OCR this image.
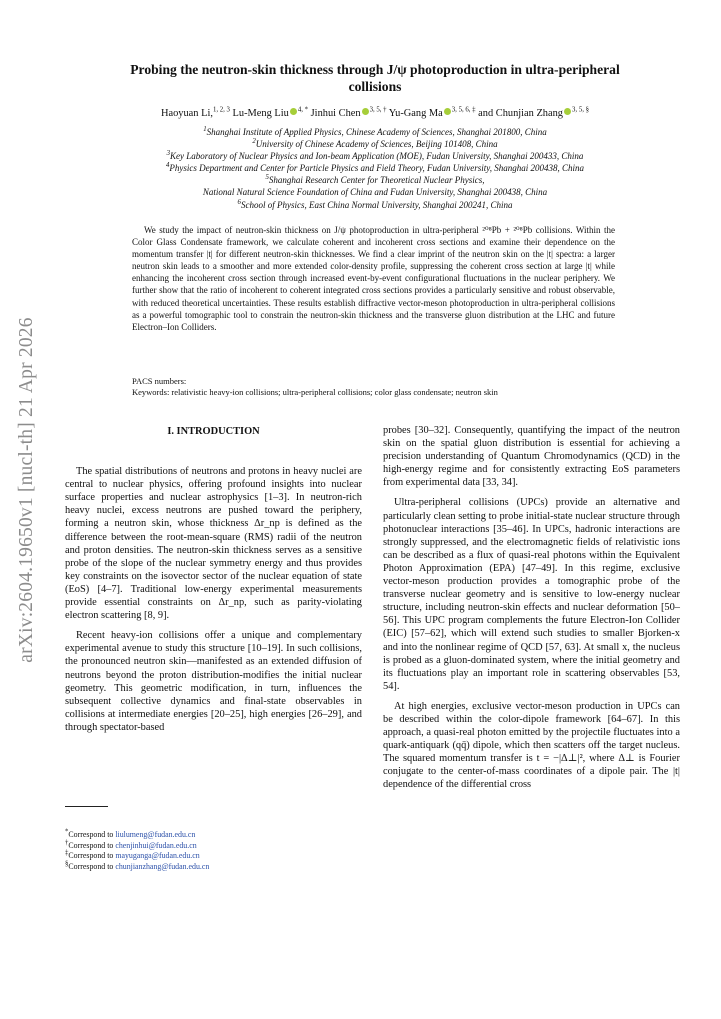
arXiv:2604.19650v1 [nucl-th] 21 Apr 2026
Probing the neutron-skin thickness through J/ψ photoproduction in ultra-peripheral
collisions
Haoyuan Li,$^{1, 2, 3}$ Lu-Meng Liu $^{4, *}$ Jinhui Chen $^{3, 5, \dagger}$ Yu-Gang Ma $^{3, 5, 6, \ddagger}$ and Chunjian Zhang $^{3, 5, \S}$
$^1$Shanghai Institute of Applied Physics, Chinese Academy of Sciences, Shanghai 201800, China
$^2$University of Chinese Academy of Sciences, Beijing 101408, China
$^3$Key Laboratory of Nuclear Physics and Ion-beam Application (MOE), Fudan University, Shanghai 200433, China
$^4$Physics Department and Center for Particle Physics and Field Theory, Fudan University, Shanghai 200438, China
$^5$Shanghai Research Center for Theoretical Nuclear Physics,
National Natural Science Foundation of China and Fudan University, Shanghai 200438, China
$^6$School of Physics, East China Normal University, Shanghai 200241, China
We study the impact of neutron-skin thickness on J/ψ photoproduction in ultra-peripheral ²⁰⁸Pb + ²⁰⁸Pb collisions. Within the Color Glass Condensate framework, we calculate coherent and incoherent cross sections and examine their dependence on the momentum transfer |t| for different neutron-skin thicknesses. We find a clear imprint of the neutron skin on the |t| spectra: a larger neutron skin leads to a smoother and more extended color-density profile, suppressing the coherent cross section at large |t| while enhancing the incoherent cross section through increased event-by-event configurational fluctuations in the nuclear periphery. We further show that the ratio of incoherent to coherent integrated cross sections provides a particularly sensitive and robust observable, with reduced theoretical uncertainties. These results establish diffractive vector-meson photoproduction in ultra-peripheral collisions as a powerful tomographic tool to constrain the neutron-skin thickness and the transverse gluon distribution at the LHC and future Electron–Ion Colliders.
PACS numbers:
Keywords: relativistic heavy-ion collisions; ultra-peripheral collisions; color glass condensate; neutron skin

I. INTRODUCTION

The spatial distributions of neutrons and protons in heavy nuclei are central to nuclear physics, offering profound insights into nuclear surface properties and nuclear astrophysics [1–3]. In neutron-rich heavy nuclei, excess neutrons are pushed toward the periphery, forming a neutron skin, whose thickness Δr_np is defined as the difference between the root-mean-square (RMS) radii of the neutron and proton densities. The neutron-skin thickness serves as a sensitive probe of the slope of the nuclear symmetry energy and thus provides key constraints on the isovector sector of the nuclear equation of state (EoS) [4–7]. Traditional low-energy experimental measurements provide essential constraints on Δr_np, such as parity-violating electron scattering [8, 9].

Recent heavy-ion collisions offer a unique and complementary experimental avenue to study this structure [10–19]. In such collisions, the pronounced neutron skin—manifested as an extended diffusion of neutrons beyond the proton distribution-modifies the initial nuclear geometry. This geometric modification, in turn, influences the subsequent collective dynamics and final-state observables in collisions at intermediate energies [20–25], high energies [26–29], and through spectator-based

probes [30–32]. Consequently, quantifying the impact of the neutron skin on the spatial gluon distribution is essential for achieving a precision understanding of Quantum Chromodynamics (QCD) in the high-energy regime and for consistently extracting EoS parameters from experimental data [33, 34].

Ultra-peripheral collisions (UPCs) provide an alternative and particularly clean setting to probe initial-state nuclear structure through photonuclear interactions [35–46]. In UPCs, hadronic interactions are strongly suppressed, and the electromagnetic fields of relativistic ions can be described as a flux of quasi-real photons within the Equivalent Photon Approximation (EPA) [47–49]. In this regime, exclusive vector-meson production provides a tomographic probe of the transverse nuclear geometry and is sensitive to low-energy nuclear structure, including neutron-skin effects and nuclear deformation [50–56]. This UPC program complements the future Electron-Ion Collider (EIC) [57–62], which will extend such studies to smaller Bjorken-x and into the nonlinear regime of QCD [57, 63]. At small x, the nucleus is probed as a gluon-dominated system, where the initial geometry and its fluctuations play an important role in scattering observables [53, 54].

At high energies, exclusive vector-meson production in UPCs can be described within the color-dipole framework [64–67]. In this approach, a quasi-real photon emitted by the projectile fluctuates into a quark-antiquark (qq̄) dipole, which then scatters off the target nucleus. The squared momentum transfer is t = −|Δ⊥|², where Δ⊥ is Fourier conjugate to the center-of-mass coordinates of a dipole pair. The |t| dependence of the differential cross

*Correspond to liulumeng@fudan.edu.cn
†Correspond to chenjinhui@fudan.edu.cn
‡Correspond to mayuganga@fudan.edu.cn
§Correspond to chunjianzhang@fudan.edu.cn
